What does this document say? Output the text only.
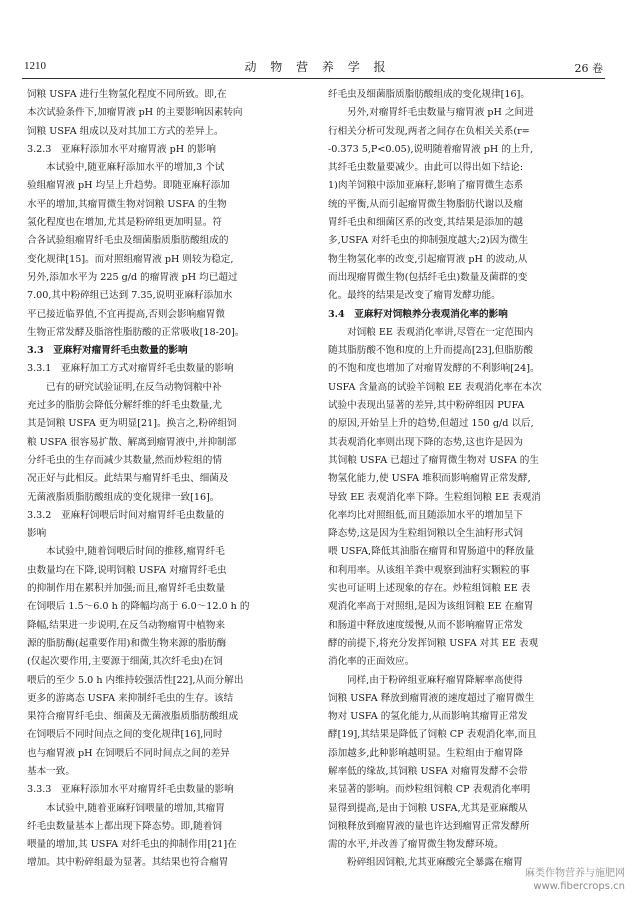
1210	动 物 营 养 学 报	26 卷
饲粮 USFA 进行生物氢化程度不同所致。即,在
本次试验条件下,加瘤胃液 pH 的主要影响因素转向
饲粮 USFA 组成以及对其加工方式的差异上。
3.2.3　亚麻籽添加水平对瘤胃液 pH 的影响
本试验中,随亚麻籽添加水平的增加,3 个试
验组瘤胃液 pH 均呈上升趋势。即随亚麻籽添加
水平的增加,其瘤胃微生物对饲粮 USFA 的生物
氢化程度也在增加,尤其是粉碎组更加明显。符
合各试验组瘤胃纤毛虫及细菌脂质脂肪酸组成的
变化规律[15]。而对照组瘤胃液 pH 则较为稳定,
另外,添加水平为 225 g/d 的瘤胃液 pH 均已超过
7.00,其中粉碎组已达到 7.35,说明亚麻籽添加水
平已接近临界值,不宜再提高,否则会影响瘤胃微
生物正常发酵及脂溶性脂肪酸的正常吸收[18-20]。
3.3　亚麻籽对瘤胃纤毛虫数量的影响
3.3.1　亚麻籽加工方式对瘤胃纤毛虫数量的影响
已有的研究试验证明,在反刍动物饲粮中补
充过多的脂肪会降低分解纤维的纤毛虫数量,尤
其是饲粮 USFA 更为明显[21]。换言之,粉碎组饲
粮 USFA 很容易扩散、解离到瘤胃液中,并抑制部
分纤毛虫的生存而减少其数量,然而炒粒组的情
况正好与此相反。此结果与瘤胃纤毛虫、细菌及
无菌液脂质脂肪酸组成的变化规律一致[16]。
3.3.2　亚麻籽饲喂后时间对瘤胃纤毛虫数量的
影响
本试验中,随着饲喂后时间的推移,瘤胃纤毛
虫数量均在下降,说明饲粮 USFA 对瘤胃纤毛虫
的抑制作用在累积并加强;而且,瘤胃纤毛虫数量
在饲喂后 1.5～6.0 h 的降幅均高于 6.0～12.0 h 的
降幅,结果进一步说明,在反刍动物瘤胃中植物来
源的脂肪酶(起重要作用)和微生物来源的脂肪酶
(仅起次要作用,主要源于细菌,其次纤毛虫)在饲
喂后的至少 5.0 h 内维持较强活性[22],从而分解出
更多的游离态 USFA 来抑制纤毛虫的生存。该结
果符合瘤胃纤毛虫、细菌及无菌液脂质脂肪酸组成
在饲喂后不同时间点之间的变化规律[16],同时
也与瘤胃液 pH 在饲喂后不同时间点之间的差异
基本一致。
3.3.3　亚麻籽添加水平对瘤胃纤毛虫数量的影响
本试验中,随着亚麻籽饲喂量的增加,其瘤胃
纤毛虫数量基本上都出现下降态势。即,随着饲
喂量的增加,其 USFA 对纤毛虫的抑制作用[21]在
增加。其中粉碎组最为显著。其结果也符合瘤胃
纤毛虫及细菌脂质脂肪酸组成的变化规律[16]。
另外,对瘤胃纤毛虫数量与瘤胃液 pH 之间进
行相关分析可发现,两者之间存在负相关关系(r=
-0.373 5,P<0.05),说明随着瘤胃液 pH 的上升,
其纤毛虫数量要减少。由此可以得出如下结论:
1)肉羊饲粮中添加亚麻籽,影响了瘤胃微生态系
统的平衡,从而引起瘤胃微生物脂肪代谢以及瘤
胃纤毛虫和细菌区系的改变,其结果是添加的越
多,USFA 对纤毛虫的抑制强度越大;2)因为微生
物生物氢化率的改变,引起瘤胃液 pH 的波动,从
而出现瘤胃微生物(包括纤毛虫)数量及菌群的变
化。最终的结果是改变了瘤胃发酵功能。
3.4　亚麻籽对饲粮养分表观消化率的影响
对饲粮 EE 表观消化率讲,尽管在一定范围内
随其脂肪酸不饱和度的上升而提高[23],但脂肪酸
的不饱和度也增加了对瘤胃发酵的不利影响[24]。
USFA 含量高的试验羊饲粮 EE 表观消化率在本次
试验中表现出显著的差异,其中粉碎组因 PUFA
的原因,开始呈上升的趋势,但超过 150 g/d 以后,
其表观消化率则出现下降的态势,这也许是因为
其饲粮 USFA 已超过了瘤胃微生物对 USFA 的生
物氢化能力,使 USFA 堆积而影响瘤胃正常发酵,
导致 EE 表观消化率下降。生粒组饲粮 EE 表观消
化率均比对照组低,而且随添加水平的增加呈下
降态势,这是因为生粒组饲粮以全生油籽形式饲
喂 USFA,降低其油脂在瘤胃和胃肠道中的释放量
和利用率。从该组羊粪中观察到油籽实颗粒的事
实也可证明上述现象的存在。炒粒组饲粮 EE 表
观消化率高于对照组,是因为该组饲粮 EE 在瘤胃
和肠道中释放速度缓慢,从而不影响瘤胃正常发
酵的前提下,将充分发挥饲粮 USFA 对其 EE 表观
消化率的正面效应。
同样,由于粉碎组亚麻籽瘤胃降解率高使得
饲粮 USFA 释放到瘤胃液的速度超过了瘤胃微生
物对 USFA 的氢化能力,从而影响其瘤胃正常发
酵[19],其结果是降低了饲粮 CP 表观消化率,而且
添加越多,此种影响越明显。生粒组由于瘤胃降
解率低的缘故,其饲粮 USFA 对瘤胃发酵不会带
来显著的影响。而炒粒组饲粮 CP 表观消化率明
显得到提高,是由于饲粮 USFA,尤其是亚麻酸从
饲粮释放到瘤胃液的量也许达到瘤胃正常发酵所
需的水平,并改善了瘤胃微生物发酵环境。
粉碎组因饲粮,尤其亚麻酸完全暴露在瘤胃
麻类作物营养与施肥网
www.fibercrops.cn
